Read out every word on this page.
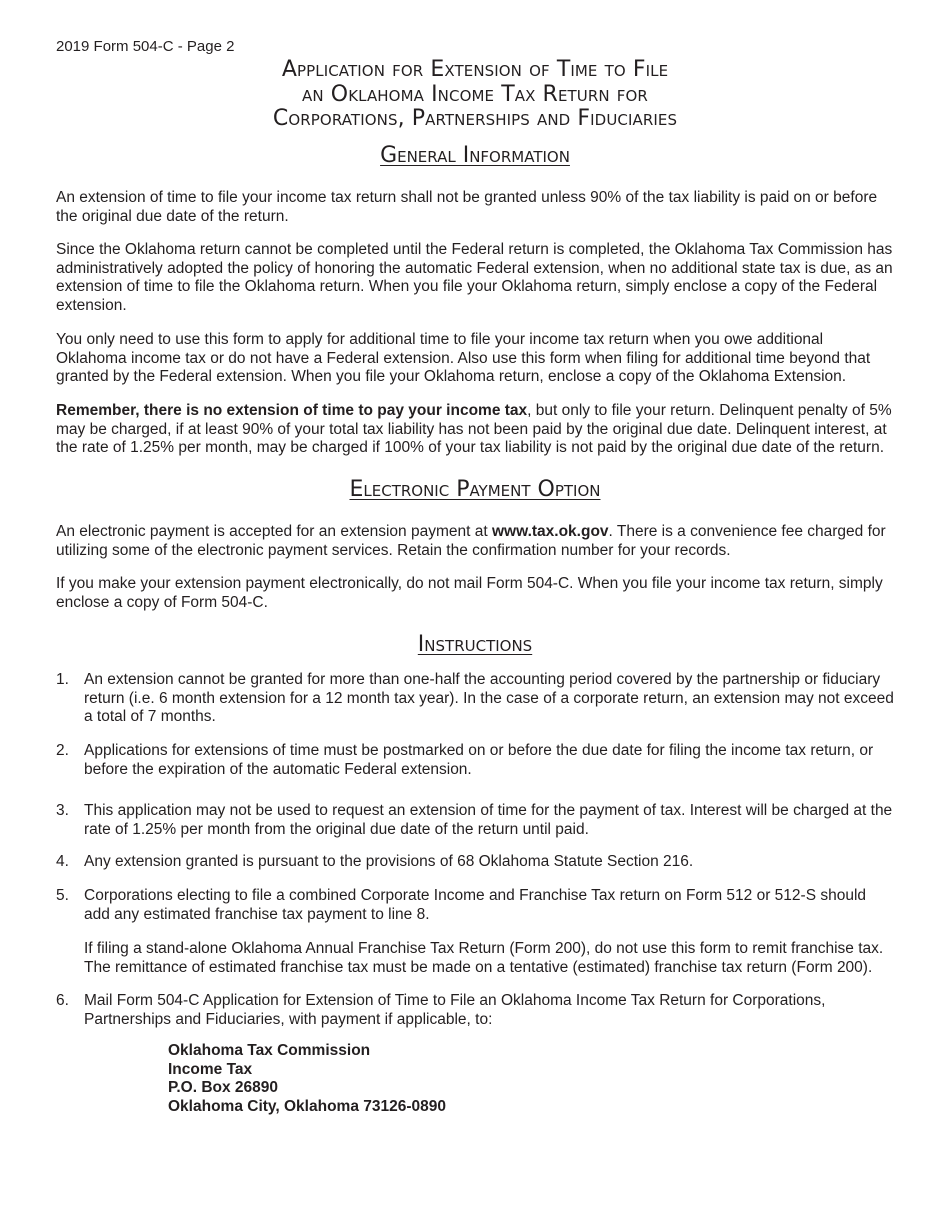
2019 Form 504-C - Page 2
Application for Extension of Time to File
an Oklahoma Income Tax Return for
Corporations, Partnerships and Fiduciaries
General Information

An extension of time to file your income tax return shall not be granted unless 90% of the tax liability is paid on or before the original due date of the return.

Since the Oklahoma return cannot be completed until the Federal return is completed, the Oklahoma Tax Commission has administratively adopted the policy of honoring the automatic Federal extension, when no additional state tax is due, as an extension of time to file the Oklahoma return. When you file your Oklahoma return, simply enclose a copy of the Federal extension.

You only need to use this form to apply for additional time to file your income tax return when you owe additional Oklahoma income tax or do not have a Federal extension. Also use this form when filing for additional time beyond that granted by the Federal extension. When you file your Oklahoma return, enclose a copy of the Oklahoma Extension.

Remember, there is no extension of time to pay your income tax, but only to file your return. Delinquent penalty of 5% may be charged, if at least 90% of your total tax liability has not been paid by the original due date. Delinquent interest, at the rate of 1.25% per month, may be charged if 100% of your tax liability is not paid by the original due date of the return.

Electronic Payment Option

An electronic payment is accepted for an extension payment at www.tax.ok.gov. There is a convenience fee charged for utilizing some of the electronic payment services. Retain the confirmation number for your records.

If you make your extension payment electronically, do not mail Form 504-C. When you file your income tax return, simply enclose a copy of Form 504-C.

Instructions
1. An extension cannot be granted for more than one-half the accounting period covered by the partnership or fiduciary return (i.e. 6 month extension for a 12 month tax year). In the case of a corporate return, an extension may not exceed a total of 7 months.
2. Applications for extensions of time must be postmarked on or before the due date for filing the income tax return, or before the expiration of the automatic Federal extension.
3. This application may not be used to request an extension of time for the payment of tax. Interest will be charged at the rate of 1.25% per month from the original due date of the return until paid.
4. Any extension granted is pursuant to the provisions of 68 Oklahoma Statute Section 216.
5. Corporations electing to file a combined Corporate Income and Franchise Tax return on Form 512 or 512-S should add any estimated franchise tax payment to line 8.
If filing a stand-alone Oklahoma Annual Franchise Tax Return (Form 200), do not use this form to remit franchise tax. The remittance of estimated franchise tax must be made on a tentative (estimated) franchise tax return (Form 200).
6. Mail Form 504-C Application for Extension of Time to File an Oklahoma Income Tax Return for Corporations, Partnerships and Fiduciaries, with payment if applicable, to:
Oklahoma Tax Commission
Income Tax
P.O. Box 26890
Oklahoma City, Oklahoma 73126-0890
